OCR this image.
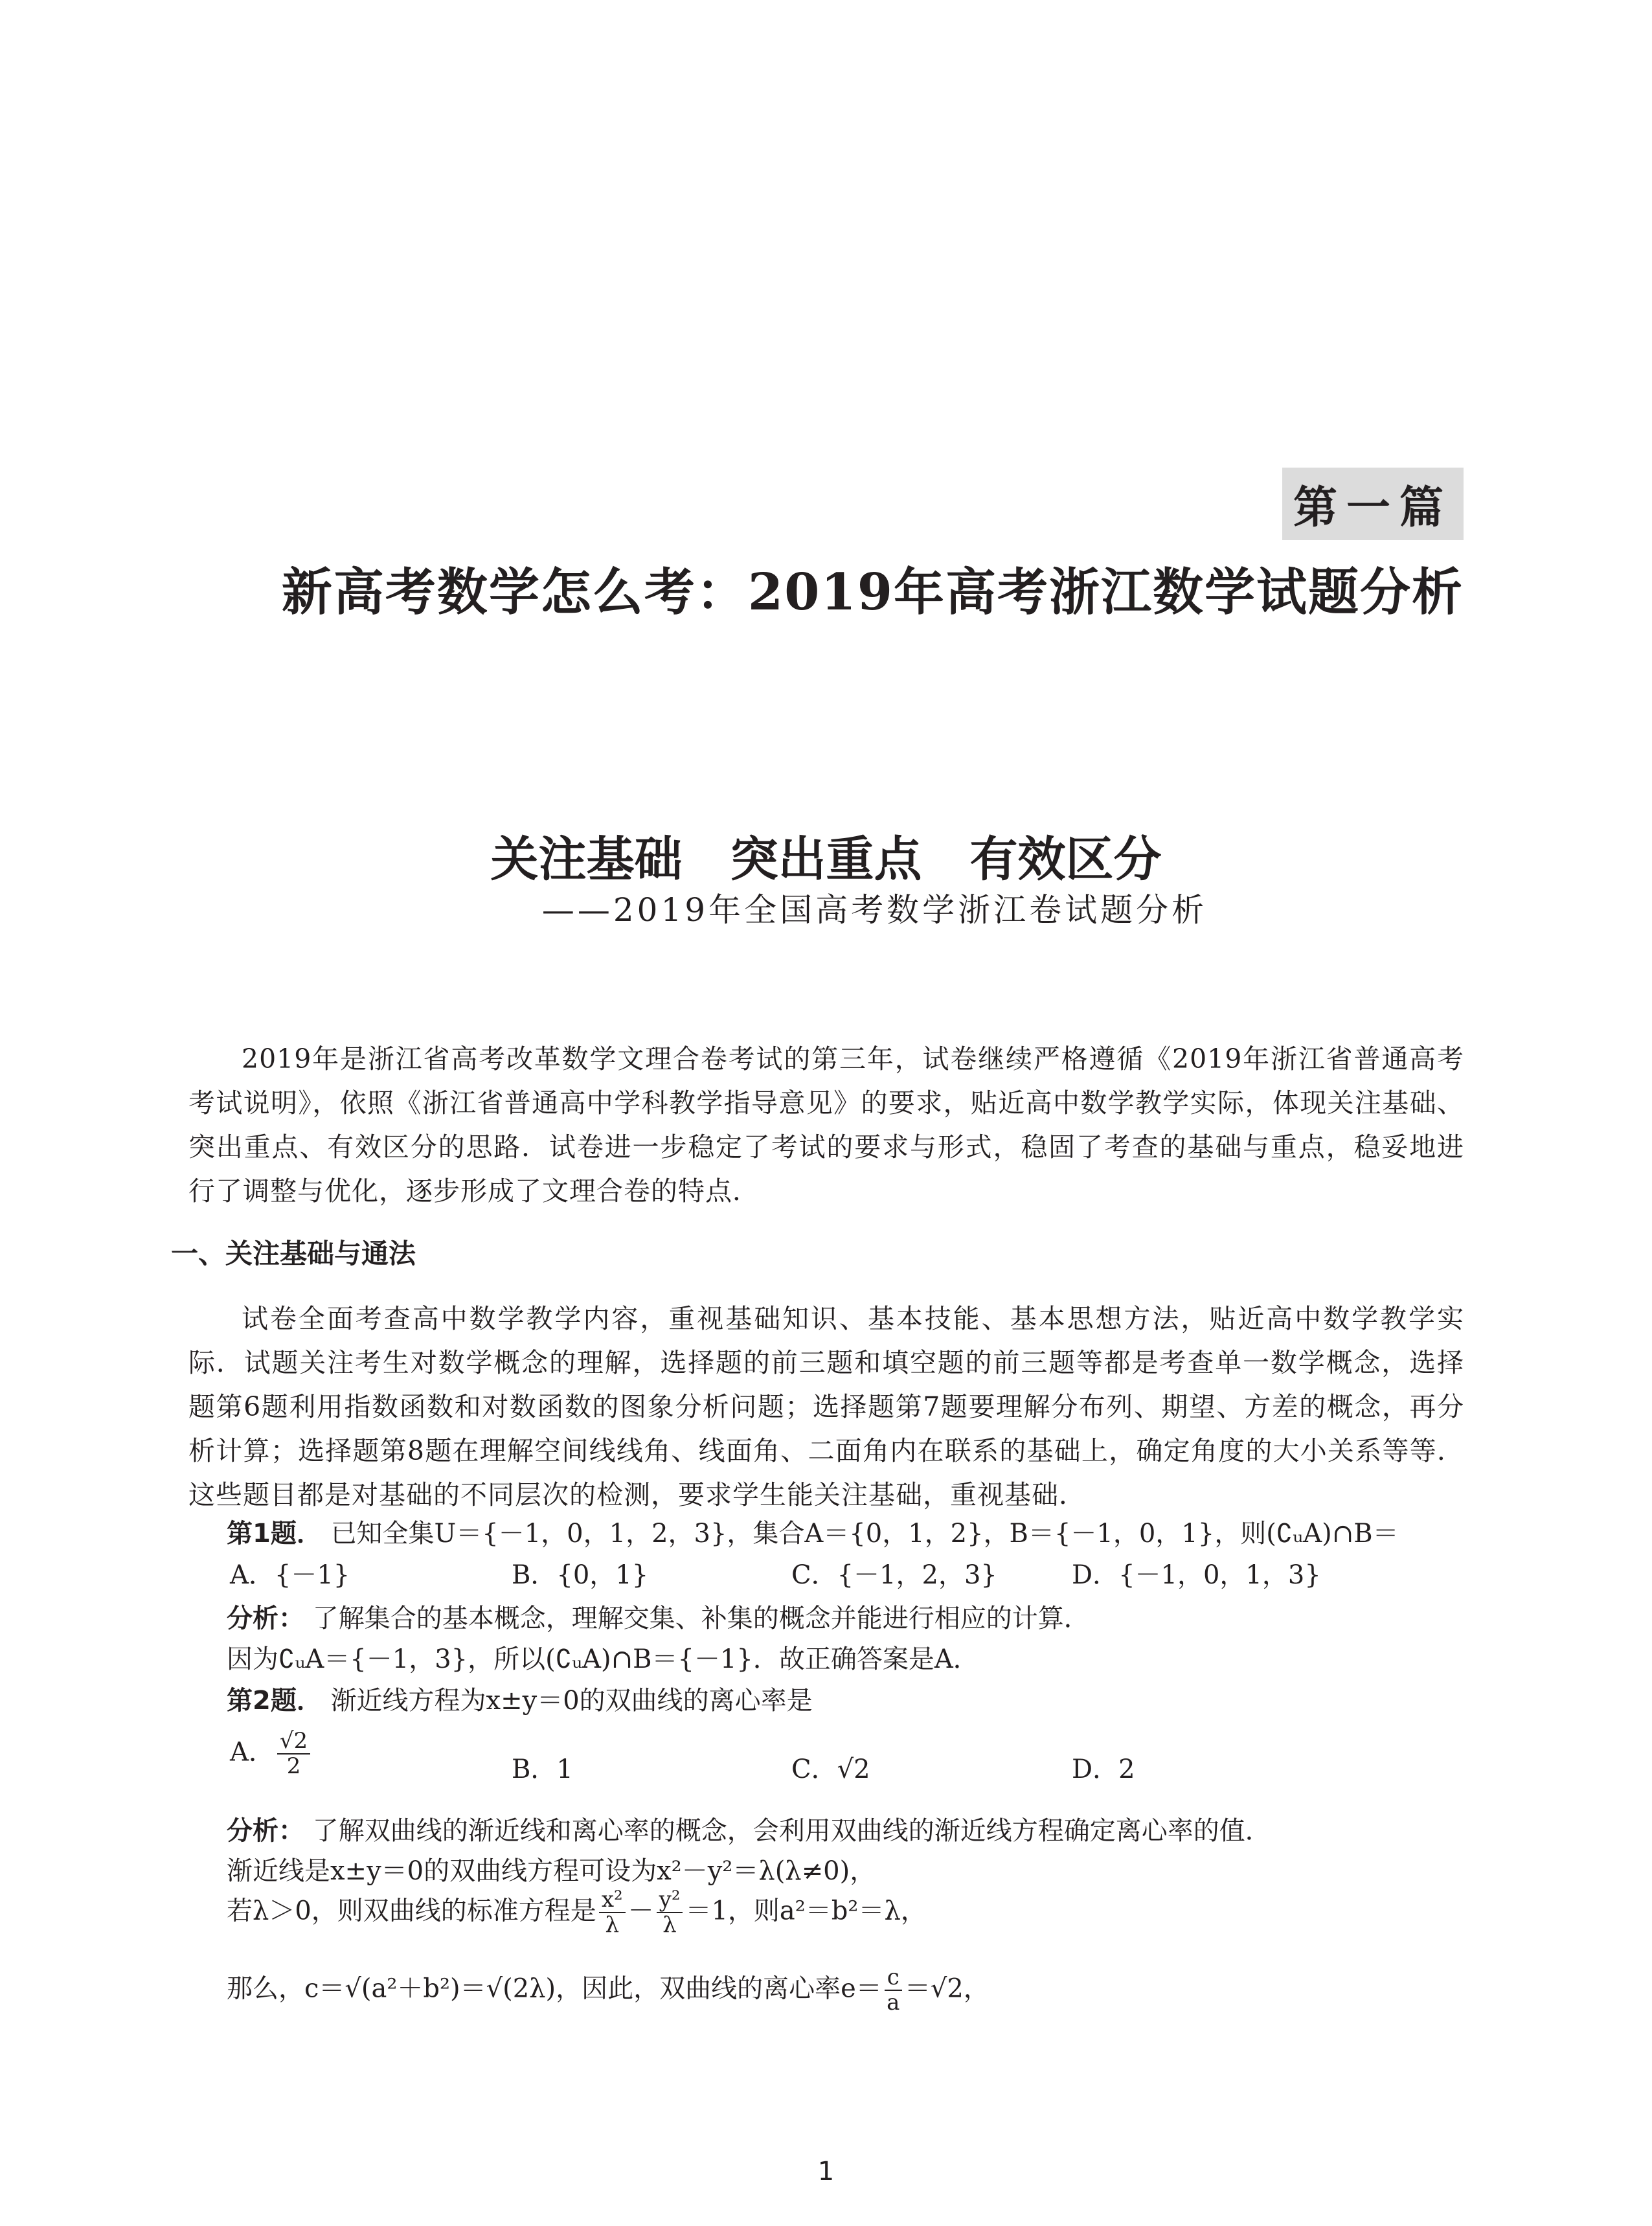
第一篇
新高考数学怎么考：2019年高考浙江数学试题分析
关注基础　突出重点　有效区分
——2019年全国高考数学浙江卷试题分析

2019年是浙江省高考改革数学文理合卷考试的第三年，试卷继续严格遵循《2019年浙江省普通高考考试说明》，依照《浙江省普通高中学科教学指导意见》的要求，贴近高中数学教学实际，体现关注基础、突出重点、有效区分的思路．试卷进一步稳定了考试的要求与形式，稳固了考查的基础与重点，稳妥地进行了调整与优化，逐步形成了文理合卷的特点．

一、关注基础与通法

试卷全面考查高中数学教学内容，重视基础知识、基本技能、基本思想方法，贴近高中数学教学实际．试题关注考生对数学概念的理解，选择题的前三题和填空题的前三题等都是考查单一数学概念，选择题第6题利用指数函数和对数函数的图象分析问题；选择题第7题要理解分布列、期望、方差的概念，再分析计算；选择题第8题在理解空间线线角、线面角、二面角内在联系的基础上，确定角度的大小关系等等．这些题目都是对基础的不同层次的检测，要求学生能关注基础，重视基础．

第1题． 已知全集U＝{－1，0，1，2，3}，集合A＝{0，1，2}，B＝{－1，0，1}，则(∁ᵤA)∩B＝
A．{－1}	B．{0，1}	C．{－1，2，3}	D．{－1，0，1，3}
分析： 了解集合的基本概念，理解交集、补集的概念并能进行相应的计算．
因为∁ᵤA＝{－1，3}，所以(∁ᵤA)∩B＝{－1}．故正确答案是A．
第2题． 渐近线方程为x±y＝0的双曲线的离心率是
A． $\frac{√2}{2}$	B．1	C．√2	D．2
分析： 了解双曲线的渐近线和离心率的概念，会利用双曲线的渐近线方程确定离心率的值．
渐近线是x±y＝0的双曲线方程可设为x²－y²＝λ(λ≠0)，
若λ＞0，则双曲线的标准方程是 $\frac{\text{x²}}{\lambda} - \frac{\text{y²}}{\lambda} =1$，则a²＝b²＝λ，
那么，c＝√(a²＋b²)＝√(2λ)，因此，双曲线的离心率$e= \frac{c}{a} =√2$，
1
